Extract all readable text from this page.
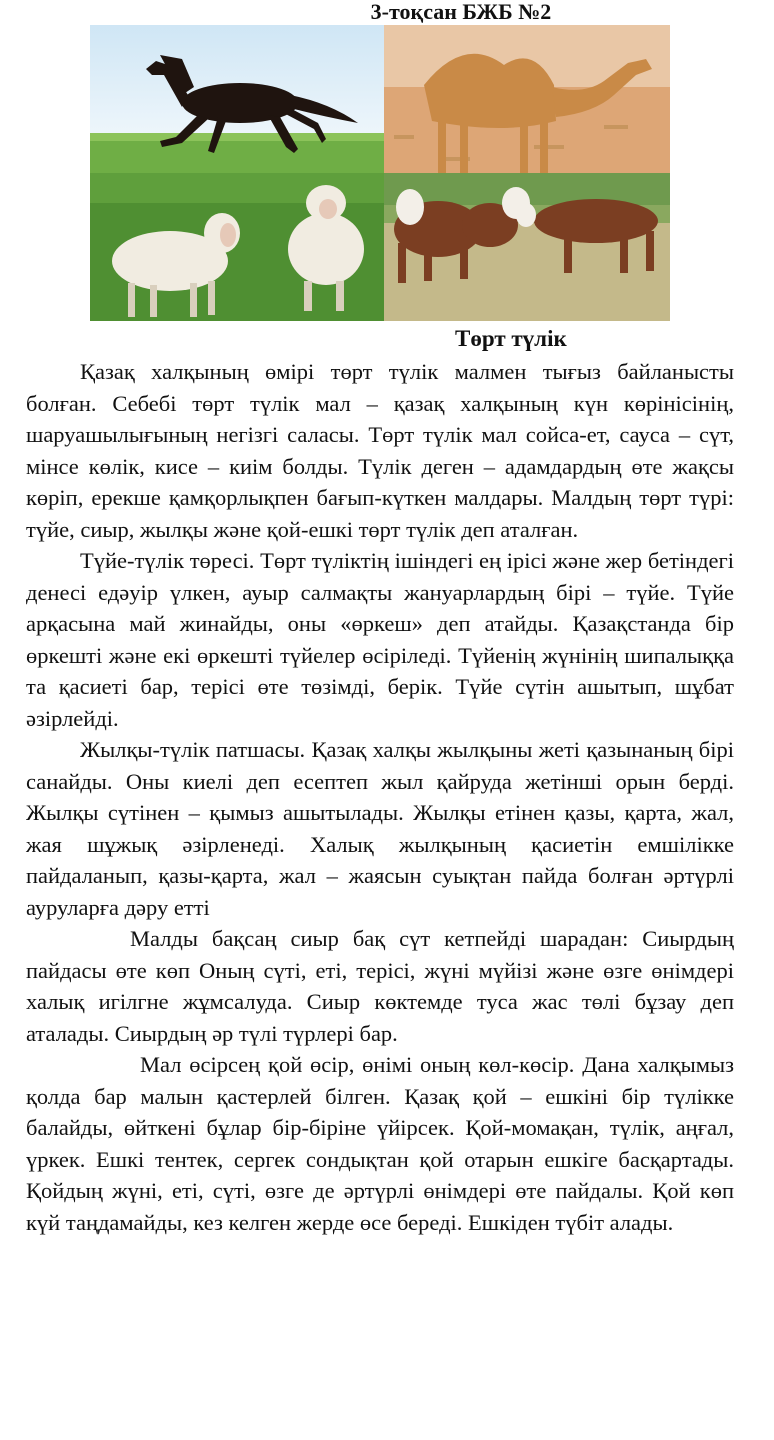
3-тоқсан БЖБ №2
Төрт түлік

Қазақ халқының өмірі төрт түлік малмен тығыз байланысты болған. Себебі төрт түлік мал – қазақ халқының күн көрінісінің, шаруашылығының негізгі саласы. Төрт түлік мал сойса-ет, сауса – сүт, мінсе көлік, кисе – киім болды. Түлік деген – адамдардың өте жақсы көріп, ерекше қамқорлықпен бағып-күткен малдары. Малдың төрт түрі: түйе, сиыр, жылқы және қой-ешкі төрт түлік деп аталған.

Түйе-түлік төресі. Төрт түліктің ішіндегі ең ірісі және жер бетіндегі денесі едәуір үлкен, ауыр салмақты жануарлардың бірі – түйе. Түйе арқасына май жинайды, оны «өркеш» деп атайды. Қазақстанда бір өркешті және екі өркешті түйелер өсіріледі. Түйенің жүнінің шипалыққа та қасиеті бар, терісі өте төзімді, берік. Түйе сүтін ашытып, шұбат әзірлейді.

Жылқы-түлік патшасы. Қазақ халқы жылқыны жеті қазынаның бірі санайды. Оны киелі деп есептеп жыл қайруда жетінші орын берді. Жылқы сүтінен – қымыз ашытылады. Жылқы етінен қазы, қарта, жал, жая шұжық әзірленеді. Халық жылқының қасиетін емшілікке пайдаланып, қазы-қарта, жал – жаясын суықтан пайда болған әртүрлі ауруларға дәру етті

Малды бақсаң сиыр бақ сүт кетпейді шарадан: Сиырдың пайдасы өте көп Оның сүті, еті, терісі, жүні мүйізі және өзге өнімдері халық игілгне жұмсалуда. Сиыр көктемде туса жас төлі бұзау деп аталады. Сиырдың әр түлі түрлері бар.

Мал өсірсең қой өсір, өнімі оның көл-көсір. Дана халқымыз қолда бар малын қастерлей білген. Қазақ қой – ешкіні бір түлікке балайды, өйткені бұлар бір-біріне үйірсек. Қой-момақан, түлік, аңғал, үркек. Ешкі тентек, сергек сондықтан қой отарын ешкіге басқартады. Қойдың жүні, еті, сүті, өзге де әртүрлі өнімдері өте пайдалы. Қой көп күй таңдамайды, кез келген жерде өсе береді. Ешкіден түбіт алады.
